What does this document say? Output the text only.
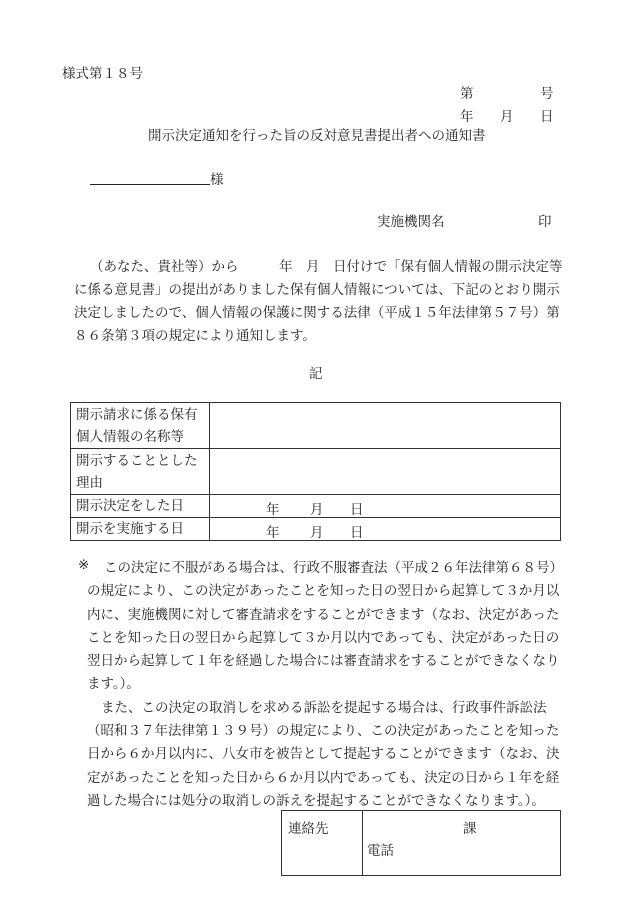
様式第１８号
第	号
年 月 日
開示決定通知を行った旨の反対意見書提出者への通知書
様
実施機関名	印
（あなた、貴社等）から　　　年　月　日付けで「保有個人情報の開示決定等
に係る意見書」の提出がありました保有個人情報については、下記のとおり開示
決定しましたので、個人情報の保護に関する法律（平成１５年法律第５７号）第
８６条第３項の規定により通知します。
記
開示請求に係る保有
個人情報の名称等	

開示することとした
理由	

開示決定をした日	年 月 日

開示を実施する日	年 月 日
※	この決定に不服がある場合は、行政不服審査法（平成２６年法律第６８号）
の規定により、この決定があったことを知った日の翌日から起算して３か月以
内に、実施機関に対して審査請求をすることができます（なお、決定があった
ことを知った日の翌日から起算して３か月以内であっても、決定があった日の
翌日から起算して１年を経過した場合には審査請求をすることができなくなり
ます。）。
また、この決定の取消しを求める訴訟を提起する場合は、行政事件訴訟法
（昭和３７年法律第１３９号）の規定により、この決定があったことを知った
日から６か月以内に、八女市を被告として提起することができます（なお、決
定があったことを知った日から６か月以内であっても、決定の日から１年を経
過した場合には処分の取消しの訴えを提起することができなくなります。）。
連絡先	課
電話
